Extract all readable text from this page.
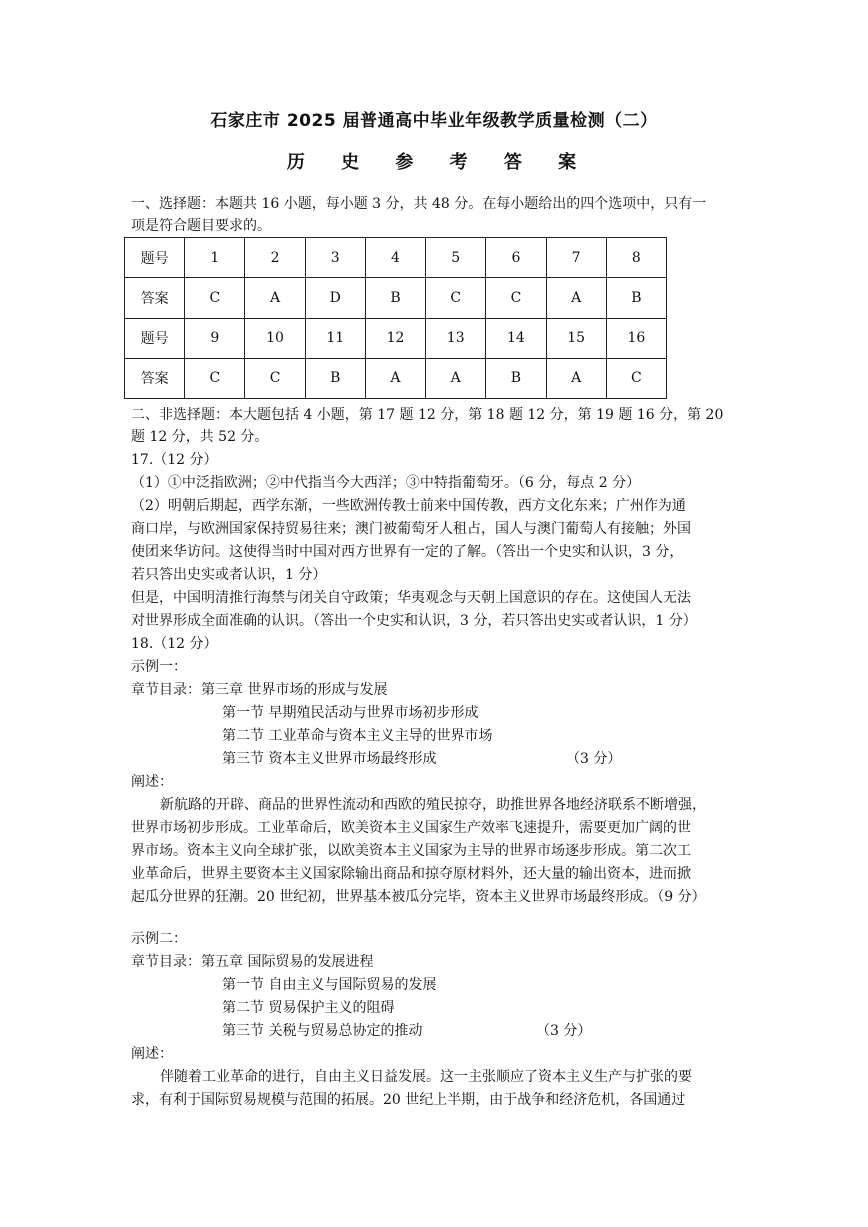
石家庄市 2025 届普通高中毕业年级教学质量检测（二）
历 史 参 考 答 案
一、选择题：本题共 16 小题，每小题 3 分，共 48 分。在每小题给出的四个选项中，只有一
项是符合题目要求的。
题号	1	2	3	4	5	6	7	8
答案	C	A	D	B	C	C	A	B
题号	9	10	11	12	13	14	15	16
答案	C	C	B	A	A	B	A	C
二、非选择题：本大题包括 4 小题，第 17 题 12 分，第 18 题 12 分，第 19 题 16 分，第 20
题 12 分，共 52 分。
17.（12 分）
（1）①中泛指欧洲；②中代指当今大西洋；③中特指葡萄牙。（6 分，每点 2 分）
（2）明朝后期起，西学东渐，一些欧洲传教士前来中国传教，西方文化东来；广州作为通
商口岸，与欧洲国家保持贸易往来；澳门被葡萄牙人租占，国人与澳门葡萄人有接触；外国
使团来华访问。这使得当时中国对西方世界有一定的了解。（答出一个史实和认识，3 分，
若只答出史实或者认识，1 分）
但是，中国明清推行海禁与闭关自守政策；华夷观念与天朝上国意识的存在。这使国人无法
对世界形成全面准确的认识。（答出一个史实和认识，3 分，若只答出史实或者认识，1 分）
18.（12 分）
示例一：
章节目录：第三章 世界市场的形成与发展
第一节 早期殖民活动与世界市场初步形成
第二节 工业革命与资本主义主导的世界市场
第三节 资本主义世界市场最终形成	（3 分）
阐述：
新航路的开辟、商品的世界性流动和西欧的殖民掠夺，助推世界各地经济联系不断增强，
世界市场初步形成。工业革命后，欧美资本主义国家生产效率飞速提升，需要更加广阔的世
界市场。资本主义向全球扩张，以欧美资本主义国家为主导的世界市场逐步形成。第二次工
业革命后，世界主要资本主义国家除输出商品和掠夺原材料外，还大量的输出资本，进而掀
起瓜分世界的狂潮。20 世纪初，世界基本被瓜分完毕，资本主义世界市场最终形成。（9 分）
示例二：
章节目录：第五章 国际贸易的发展进程
第一节 自由主义与国际贸易的发展
第二节 贸易保护主义的阻碍
第三节 关税与贸易总协定的推动	（3 分）
阐述：
伴随着工业革命的进行，自由主义日益发展。这一主张顺应了资本主义生产与扩张的要
求，有利于国际贸易规模与范围的拓展。20 世纪上半期，由于战争和经济危机，各国通过
